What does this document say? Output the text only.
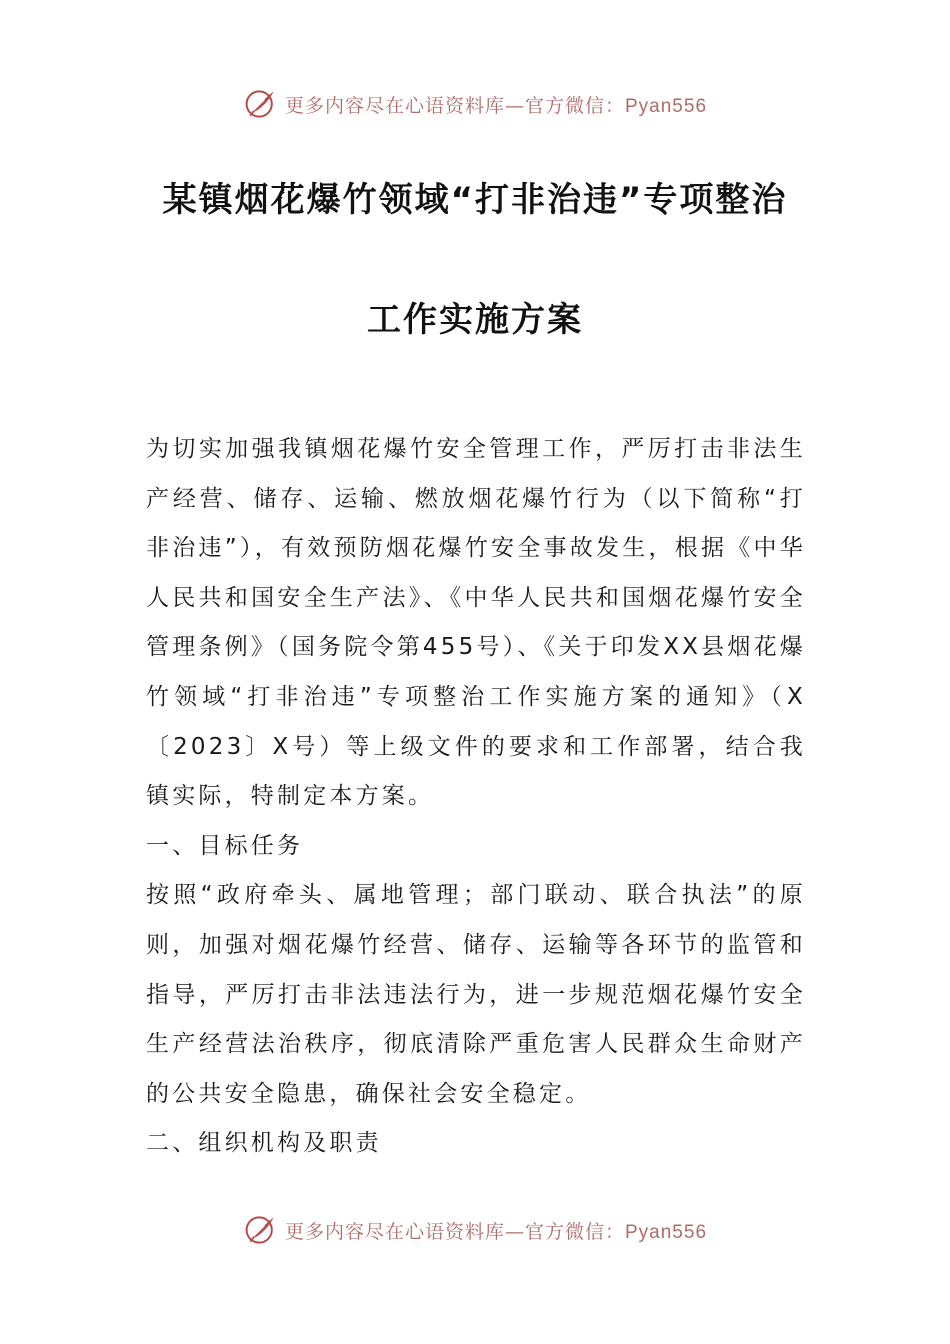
更多内容尽在心语资料库—官方微信：Pyan556
某镇烟花爆竹领域“打非治违”专项整治
工作实施方案

为切实加强我镇烟花爆竹安全管理工作，严厉打击非法生产经营、储存、运输、燃放烟花爆竹行为（以下简称“打非治违”），有效预防烟花爆竹安全事故发生，根据《中华人民共和国安全生产法》、《中华人民共和国烟花爆竹安全管理条例》（国务院令第455号）、《关于印发XX县烟花爆竹领域“打非治违”专项整治工作实施方案的通知》（X〔2023〕X号）等上级文件的要求和工作部署，结合我镇实际，特制定本方案。

一、目标任务

按照“政府牵头、属地管理；部门联动、联合执法”的原则，加强对烟花爆竹经营、储存、运输等各环节的监管和指导，严厉打击非法违法行为，进一步规范烟花爆竹安全生产经营法治秩序，彻底清除严重危害人民群众生命财产的公共安全隐患，确保社会安全稳定。

二、组织机构及职责

更多内容尽在心语资料库—官方微信：Pyan556
